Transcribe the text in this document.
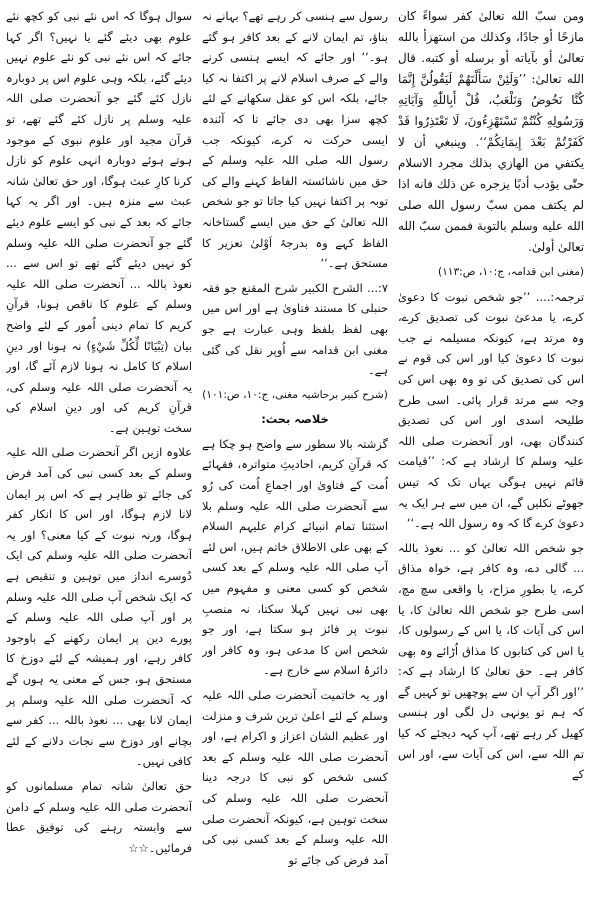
سوال ہوگا کہ اس نئے نبی کو کچھ نئے علوم بھی دیئے گئے یا نہیں؟ اگر کہا جائے کہ اس نئے نبی کو نئے علوم نہیں دیئے گئے، بلکہ وہی علوم اس پر دوبارہ نازل کئے گئے جو آنحضرت صلی اللہ علیہ وسلم پر نازل کئے گئے تھے، تو قرآن مجید اور علوم نبوی کے موجود ہوتے ہوئے دوبارہ انہی علوم کو نازل کرنا کارِ عبث ہوگا، اور حق تعالیٰ شانہ عبث سے منزہ ہیں۔ اور اگر یہ کہا جائے کہ بعد کے نبی کو ایسے علوم دیئے گئے جو آنحضرت صلی اللہ علیہ وسلم کو نہیں دیئے گئے تھے تو اس سے ... نعوذ باللہ ... آنحضرت صلی اللہ علیہ وسلم کے علوم کا ناقص ہونا، قرآنِ کریم کا تمام دینی اُمور کے لئے واضح بیان (تِبْيَانًا لِّكُلِّ شَيْءٍ) نہ ہونا اور دینِ اسلام کا کامل نہ ہونا لازم آئے گا، اور یہ آنحضرت صلی اللہ علیہ وسلم کی، قرآنِ کریم کی اور دینِ اسلام کی سخت توہین ہے۔

علاوہ ازیں اگر آنحضرت صلی اللہ علیہ وسلم کے بعد کسی نبی کی آمد فرض کی جائے تو ظاہر ہے کہ اس پر ایمان لانا لازم ہوگا، اور اس کا انکار کفر ہوگا، ورنہ نبوت کے کیا معنی؟ اور یہ آنحضرت صلی اللہ علیہ وسلم کی ایک دُوسرے انداز میں توہین و تنقیص ہے کہ ایک شخص آپ صلی اللہ علیہ وسلم پر اور آپ صلی اللہ علیہ وسلم کے پورے دین پر ایمان رکھنے کے باوجود کافر رہے، اور ہمیشہ کے لئے دوزخ کا مستحق ہو، جس کے معنی یہ ہوں گے کہ آنحضرت صلی اللہ علیہ وسلم پر ایمان لانا بھی ... نعوذ باللہ ... کفر سے بچانے اور دوزخ سے نجات دلانے کے لئے کافی نہیں۔

حق تعالیٰ شانہ تمام مسلمانوں کو آنحضرت صلی اللہ علیہ وسلم کے دامن سے وابستہ رہنے کی توفیق عطا فرمائیں۔☆☆

رسول سے ہنسی کر رہے تھے؟ بہانے نہ بناؤ، تم ایمان لانے کے بعد کافر ہو گئے ہو۔‘‘ اور جائے کہ ایسے ہنسی کرنے والے کے صرف اسلام لانے پر اکتفا نہ کیا جائے، بلکہ اس کو عقل سکھانے کے لئے کچھ سزا بھی دی جائے تا کہ آئندہ ایسی حرکت نہ کرے، کیونکہ جب رسول اللہ صلی اللہ علیہ وسلم کے حق میں ناشائستہ الفاظ کہنے والے کی توبہ پر اکتفا نہیں کیا جاتا تو جو شخص اللہ تعالیٰ کے حق میں ایسے گستاخانہ الفاظ کہے وہ بدرجۂ اَوْلیٰ تعزیر کا مستحق ہے۔‘‘

۷:... الشرح الکبیر شرح المقنع جو فقہ حنبلی کا مستند فتاویٰ ہے اور اس میں بھی لفظ بلفظ وہی عبارت ہے جو مغنی ابن قدامہ سے اُوپر نقل کی گئی ہے۔

(شرح کبیر برحاشیہ مغنی، ج:۱۰، ص:۱۰۱)

خلاصہ بحث:

گزشتہ بالا سطور سے واضح ہو چکا ہے کہ قرآنِ کریم، احادیثِ متواترہ، فقہائے اُمت کے فتاویٰ اور اجماعِ اُمت کی رُو سے آنحضرت صلی اللہ علیہ وسلم بلا استثنا تمام انبیائے کرام علیہم السلام کے بھی علی الاطلاق خاتم ہیں، اس لئے آپ صلی اللہ علیہ وسلم کے بعد کسی شخص کو کسی معنی و مفہوم میں بھی نبی نہیں کہلا سکتا، نہ منصبِ نبوت پر فائز ہو سکتا ہے، اور جو شخص اس کا مدعی ہو، وہ کافر اور دائرۂ اسلام سے خارج ہے۔

اور یہ خاتمیت آنحضرت صلی اللہ علیہ وسلم کے لئے اعلیٰ ترین شرف و منزلت اور عظیم الشان اعزاز و اکرام ہے، اور آنحضرت صلی اللہ علیہ وسلم کے بعد کسی شخص کو نبی کا درجہ دینا آنحضرت صلی اللہ علیہ وسلم کی سخت توہین ہے، کیونکہ آنحضرت صلی اللہ علیہ وسلم کے بعد کسی نبی کی آمد فرض کی جائے تو

ومن سبّ الله تعالىٰ كفر سواءً كان مازحًا أو جادًا، وكذلك من استهزأ بالله تعالىٰ أو بآياته أو برسله أو كتبه. قال الله تعالىٰ: ’’وَلَئِنْ سَأَلْتَهُمْ لَيَقُولُنَّ إِنَّمَا كُنَّا نَخُوضُ وَنَلْعَبُ، قُلْ أَبِاللّٰهِ وَآيَاتِهِ وَرَسُولِهِ كُنْتُمْ تَسْتَهْزِءُونَ، لَا تَعْتَذِرُوا قَدْ كَفَرْتُمْ بَعْدَ إِيمَانِكُمْ‘‘. وينبغي أن لا يكتفي من الهازي بذلك مجرد الاسلام حتّٰى يؤدب أدبًا يزجره عن ذلك فانه اذا لم يكتف ممن سبّ رسول الله صلى الله عليه وسلم بالتوبة فممن سبّ الله تعالىٰ أولىٰ.

(مغنی ابن قدامہ، ج:۱۰، ص:۱۱۳)

ترجمہ:.... ’’جو شخص نبوت کا دعویٰ کرے، یا مدعیٔ نبوت کی تصدیق کرے، وہ مرتد ہے، کیونکہ مسیلمہ نے جب نبوت کا دعویٰ کیا اور اس کی قوم نے اس کی تصدیق کی تو وہ بھی اس کی وجہ سے مرتد قرار پائی۔ اسی طرح طلیحہ اسدی اور اس کی تصدیق کنندگان بھی، اور آنحضرت صلی اللہ علیہ وسلم کا ارشاد ہے کہ: ’’قیامت قائم نہیں ہوگی یہاں تک کہ تیس جھوٹے نکلیں گے، ان میں سے ہر ایک یہ دعویٰ کرے گا کہ وہ رسول اللہ ہے۔‘‘

جو شخص اللہ تعالیٰ کو ... نعوذ باللہ ... گالی دے، وہ کافر ہے، خواہ مذاق کرے، یا بطورِ مزاح، یا واقعی سچ مچ، اسی طرح جو شخص اللہ تعالیٰ کا، یا اس کی آیات کا، یا اس کے رسولوں کا، یا اس کی کتابوں کا مذاق اُڑائے وہ بھی کافر ہے۔ حق تعالیٰ کا ارشاد ہے کہ: ’’اور اگر آپ ان سے پوچھیں تو کہیں گے کہ ہم تو یونہی دل لگی اور ہنسی کھیل کر رہے تھے، آپ کہہ دیجئے کہ کیا تم اللہ سے، اس کی آیات سے، اور اس کے
